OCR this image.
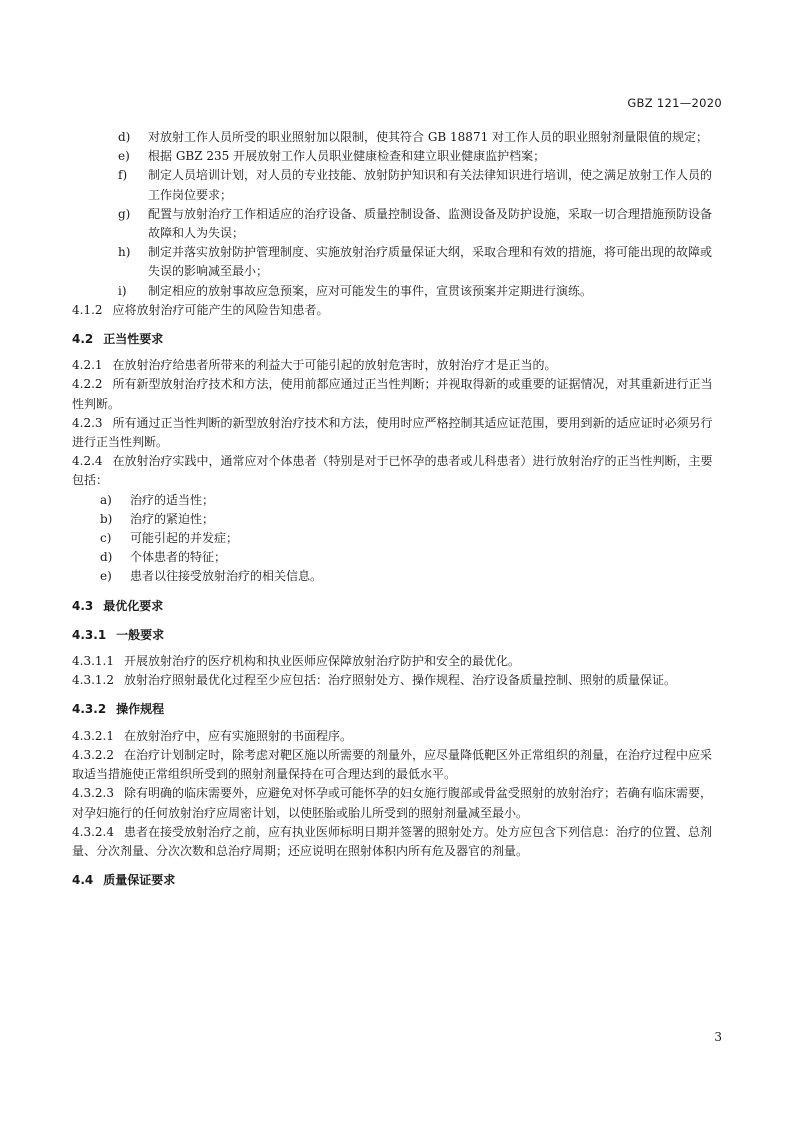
GBZ 121—2020
d) 对放射工作人员所受的职业照射加以限制，使其符合 GB 18871 对工作人员的职业照射剂量限值的规定；
e) 根据 GBZ 235 开展放射工作人员职业健康检查和建立职业健康监护档案；
f) 制定人员培训计划，对人员的专业技能、放射防护知识和有关法律知识进行培训，使之满足放射工作人员的工作岗位要求；
g) 配置与放射治疗工作相适应的治疗设备、质量控制设备、监测设备及防护设施，采取一切合理措施预防设备故障和人为失误；
h) 制定并落实放射防护管理制度、实施放射治疗质量保证大纲，采取合理和有效的措施，将可能出现的故障或失误的影响减至最小；
i) 制定相应的放射事故应急预案，应对可能发生的事件，宣贯该预案并定期进行演练。

4.1.2 应将放射治疗可能产生的风险告知患者。

4.2 正当性要求

4.2.1 在放射治疗给患者所带来的利益大于可能引起的放射危害时，放射治疗才是正当的。

4.2.2 所有新型放射治疗技术和方法，使用前都应通过正当性判断；并视取得新的或重要的证据情况，对其重新进行正当性判断。

4.2.3 所有通过正当性判断的新型放射治疗技术和方法，使用时应严格控制其适应证范围，要用到新的适应证时必须另行进行正当性判断。

4.2.4 在放射治疗实践中，通常应对个体患者（特别是对于已怀孕的患者或儿科患者）进行放射治疗的正当性判断，主要包括：

a) 治疗的适当性；
b) 治疗的紧迫性；
c) 可能引起的并发症；
d) 个体患者的特征；
e) 患者以往接受放射治疗的相关信息。
4.3 最优化要求
4.3.1 一般要求

4.3.1.1 开展放射治疗的医疗机构和执业医师应保障放射治疗防护和安全的最优化。

4.3.1.2 放射治疗照射最优化过程至少应包括：治疗照射处方、操作规程、治疗设备质量控制、照射的质量保证。

4.3.2 操作规程

4.3.2.1 在放射治疗中，应有实施照射的书面程序。

4.3.2.2 在治疗计划制定时，除考虑对靶区施以所需要的剂量外，应尽量降低靶区外正常组织的剂量，在治疗过程中应采取适当措施使正常组织所受到的照射剂量保持在可合理达到的最低水平。

4.3.2.3 除有明确的临床需要外，应避免对怀孕或可能怀孕的妇女施行腹部或骨盆受照射的放射治疗；若确有临床需要，对孕妇施行的任何放射治疗应周密计划，以使胚胎或胎儿所受到的照射剂量减至最小。

4.3.2.4 患者在接受放射治疗之前，应有执业医师标明日期并签署的照射处方。处方应包含下列信息：治疗的位置、总剂量、分次剂量、分次次数和总治疗周期；还应说明在照射体积内所有危及器官的剂量。

4.4 质量保证要求
3
